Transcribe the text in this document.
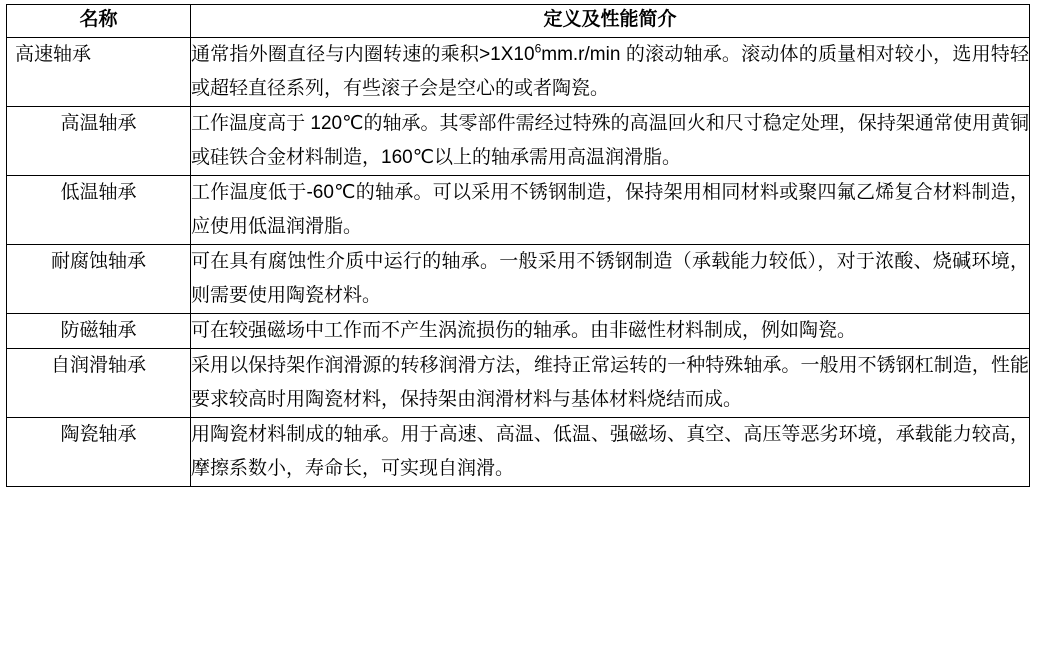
名称	定义及性能简介
高速轴承	通常指外圈直径与内圈转速的乘积$>1X10^6mm.r/\min$ 的滚动轴承。滚动体的质量相对较小，选用特轻或超轻直径系列，有些滚子会是空心的或者陶瓷。
高温轴承	工作温度高于 120℃的轴承。其零部件需经过特殊的高温回火和尺寸稳定处理，保持架通常使用黄铜或硅铁合金材料制造，160℃以上的轴承需用高温润滑脂。
低温轴承	工作温度低于-60℃的轴承。可以采用不锈钢制造，保持架用相同材料或聚四氟乙烯复合材料制造，应使用低温润滑脂。
耐腐蚀轴承	可在具有腐蚀性介质中运行的轴承。一般采用不锈钢制造（承载能力较低），对于浓酸、烧碱环境，则需要使用陶瓷材料。
防磁轴承	可在较强磁场中工作而不产生涡流损伤的轴承。由非磁性材料制成，例如陶瓷。
自润滑轴承	采用以保持架作润滑源的转移润滑方法，维持正常运转的一种特殊轴承。一般用不锈钢杠制造，性能要求较高时用陶瓷材料，保持架由润滑材料与基体材料烧结而成。
陶瓷轴承	用陶瓷材料制成的轴承。用于高速、高温、低温、强磁场、真空、高压等恶劣环境，承载能力较高，摩擦系数小，寿命长，可实现自润滑。
